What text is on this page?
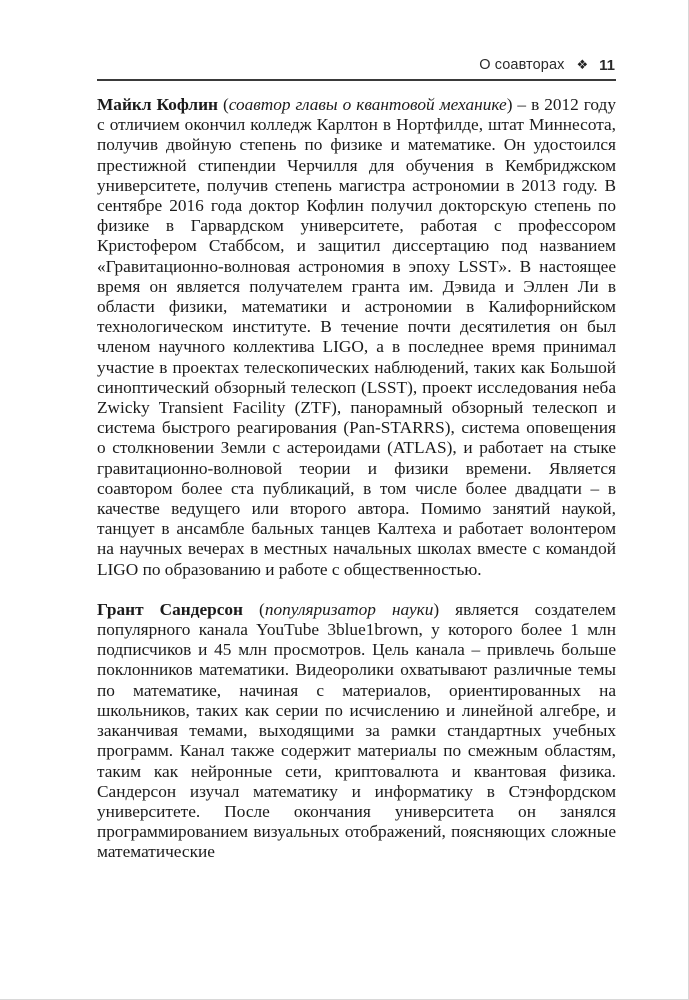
О соавторах ❖ 11

Майкл Кофлин (соавтор главы о квантовой механике) – в 2012 году с отличием окончил колледж Карлтон в Нортфилде, штат Миннесота, получив двойную степень по физике и математике. Он удостоился престижной стипендии Черчилля для обучения в Кембриджском университете, получив степень магистра астрономии в 2013 году. В сентябре 2016 года доктор Кофлин получил докторскую степень по физике в Гарвардском университете, работая с профессором Кристофером Стаббсом, и защитил диссертацию под названием «Гравитационно-волновая астрономия в эпоху LSST». В настоящее время он является получателем гранта им. Дэвида и Эллен Ли в области физики, математики и астрономии в Калифорнийском технологическом институте. В течение почти десятилетия он был членом научного коллектива LIGO, а в последнее время принимал участие в проектах телескопических наблюдений, таких как Большой синоптический обзорный телескоп (LSST), проект исследования неба Zwicky Transient Facility (ZTF), панорамный обзорный телескоп и система быстрого реагирования (Pan-STARRS), система оповещения о столкновении Земли с астероидами (ATLAS), и работает на стыке гравитационно-волновой теории и физики времени. Является соавтором более ста публикаций, в том числе более двадцати – в качестве ведущего или второго автора. Помимо занятий наукой, танцует в ансамбле бальных танцев Калтеха и работает волонтером на научных вечерах в местных начальных школах вместе с командой LIGO по образованию и работе с общественностью.

Грант Сандерсон (популяризатор науки) является создателем популярного канала YouTube 3blue1brown, у которого более 1 млн подписчиков и 45 млн просмотров. Цель канала – привлечь больше поклонников математики. Видеоролики охватывают различные темы по математике, начиная с материалов, ориентированных на школьников, таких как серии по исчислению и линейной алгебре, и заканчивая темами, выходящими за рамки стандартных учебных программ. Канал также содержит материалы по смежным областям, таким как нейронные сети, криптовалюта и квантовая физика. Сандерсон изучал математику и информатику в Стэнфордском университете. После окончания университета он занялся программированием визуальных отображений, поясняющих сложные математические
